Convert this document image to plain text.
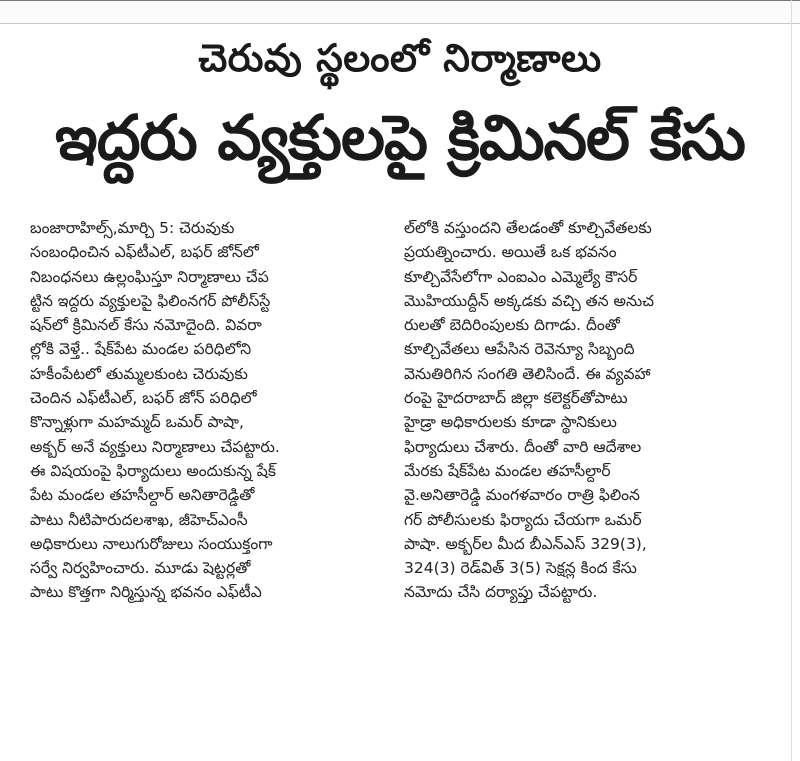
చెరువు స్థలంలో నిర్మాణాలు
ఇద్దరు వ్యక్తులపై క్రిమినల్ కేసు
బంజారాహిల్స్,మార్చి 5: చెరువుకు
సంబంధించిన ఎఫ్‌టీఎల్, బఫర్ జోన్‌లో
నిబంధనలు ఉల్లంఘిస్తూ నిర్మాణాలు చేప
ట్టిన ఇద్దరు వ్యక్తులపై ఫిలింనగర్ పోలీస్‌స్టే
షన్‌లో క్రిమినల్ కేసు నమోదైంది. వివరా
ల్లోకి వెళ్తే.. షేక్‌పేట మండల పరిధిలోని
హకీంపేటలో తుమ్మలకుంట చెరువుకు
చెందిన ఎఫ్‌టీఎల్, బఫర్ జోన్ పరిధిలో
కొన్నాళ్లుగా మహమ్మద్ ఒమర్ పాషా,
అక్బర్ అనే వ్యక్తులు నిర్మాణాలు చేపట్టారు.
ఈ విషయంపై ఫిర్యాదులు అందుకున్న షేక్
పేట మండల తహసీల్దార్ అనితారెడ్డితో
పాటు నీటిపారుదలశాఖ, జీహెచ్ఎంసీ
అధికారులు నాలుగురోజులు సంయుక్తంగా
సర్వే నిర్వహించారు. మూడు షెట్టర్లతో
పాటు కొత్తగా నిర్మిస్తున్న భవనం ఎఫ్‌టీఎ
ల్‌లోకి వస్తుందని తేలడంతో కూల్చివేతలకు
ప్రయత్నించారు. అయితే ఒక భవనం
కూల్చివేసేలోగా ఎంఐఎం ఎమ్మెల్యే కౌసర్
మొహియుద్దీన్ అక్కడకు వచ్చి తన అనుచ
రులతో బెదిరింపులకు దిగాడు. దీంతో
కూల్చివేతలు ఆపేసిన రెవెన్యూ సిబ్బంది
వెనుతిరిగిన సంగతి తెలిసిందే. ఈ వ్యవహా
రంపై హైదరాబాద్ జిల్లా కలెక్టర్‌తోపాటు
హైడ్రా అధికారులకు కూడా స్థానికులు
ఫిర్యాదులు చేశారు. దీంతో వారి ఆదేశాల
మేరకు షేక్‌పేట మండల తహసీల్దార్
వై.అనితారెడ్డి మంగళవారం రాత్రి ఫిలింన
గర్ పోలీసులకు ఫిర్యాదు చేయగా ఒమర్
పాషా. అక్బర్‌ల మీద బీఎన్ఎస్ 329(3),
324(3) రెడ్‌విత్ 3(5) సెక్షన్ల కింద కేసు
నమోదు చేసి దర్యాప్తు చేపట్టారు.
